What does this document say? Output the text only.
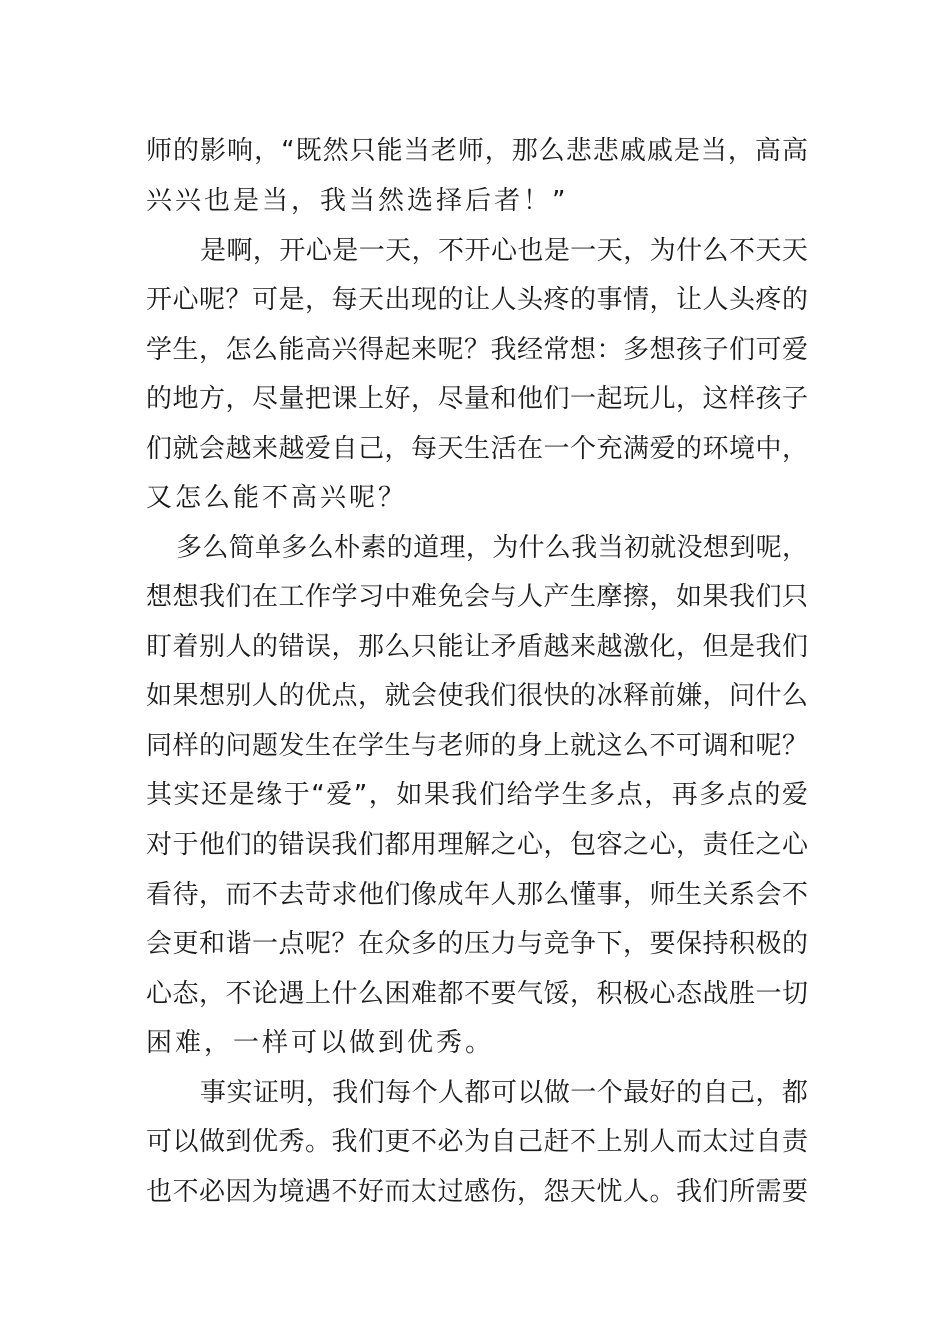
师的影响，“既然只能当老师，那么悲悲戚戚是当，高高
兴兴也是当，我当然选择后者！”
是啊，开心是一天，不开心也是一天，为什么不天天
开心呢？可是，每天出现的让人头疼的事情，让人头疼的
学生，怎么能高兴得起来呢？我经常想：多想孩子们可爱
的地方，尽量把课上好，尽量和他们一起玩儿，这样孩子
们就会越来越爱自己，每天生活在一个充满爱的环境中，
又怎么能不高兴呢？
多么简单多么朴素的道理，为什么我当初就没想到呢，
想想我们在工作学习中难免会与人产生摩擦，如果我们只
盯着别人的错误，那么只能让矛盾越来越激化，但是我们
如果想别人的优点，就会使我们很快的冰释前嫌，问什么
同样的问题发生在学生与老师的身上就这么不可调和呢？
其实还是缘于“爱”，如果我们给学生多点，再多点的爱
对于他们的错误我们都用理解之心，包容之心，责任之心
看待，而不去苛求他们像成年人那么懂事，师生关系会不
会更和谐一点呢？在众多的压力与竞争下，要保持积极的
心态，不论遇上什么困难都不要气馁，积极心态战胜一切
困难，一样可以做到优秀。
事实证明，我们每个人都可以做一个最好的自己，都
可以做到优秀。我们更不必为自己赶不上别人而太过自责
也不必因为境遇不好而太过感伤，怨天忧人。我们所需要
